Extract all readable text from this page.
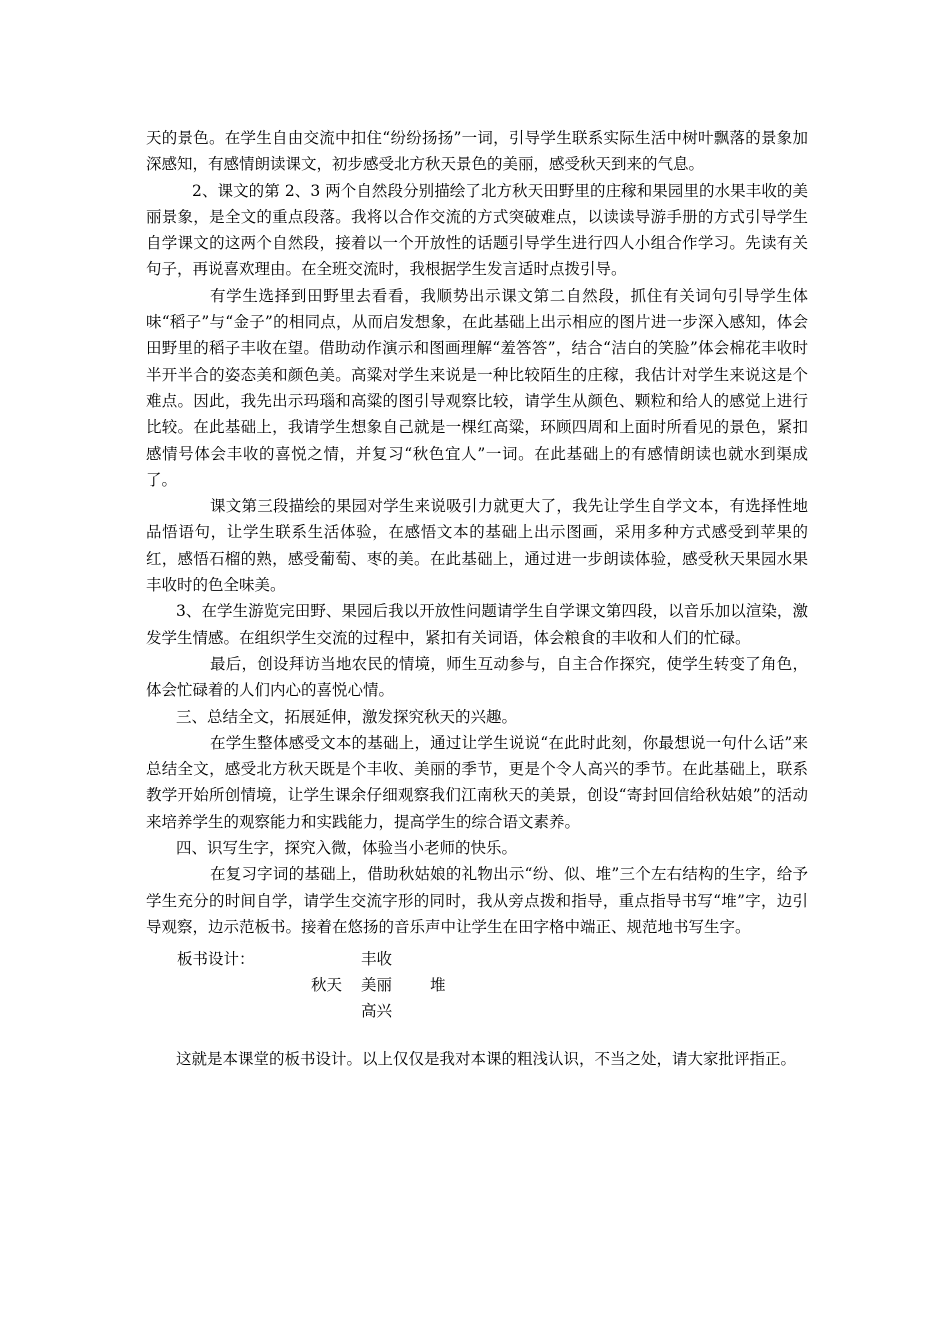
天的景色。在学生自由交流中扣住“纷纷扬扬”一词，引导学生联系实际生活中树叶飘落的景象加深感知，有感情朗读课文，初步感受北方秋天景色的美丽，感受秋天到来的气息。

2、课文的第 2、3 两个自然段分别描绘了北方秋天田野里的庄稼和果园里的水果丰收的美丽景象，是全文的重点段落。我将以合作交流的方式突破难点，以读读导游手册的方式引导学生自学课文的这两个自然段，接着以一个开放性的话题引导学生进行四人小组合作学习。先读有关句子，再说喜欢理由。在全班交流时，我根据学生发言适时点拨引导。

有学生选择到田野里去看看，我顺势出示课文第二自然段，抓住有关词句引导学生体味“稻子”与“金子”的相同点，从而启发想象，在此基础上出示相应的图片进一步深入感知，体会田野里的稻子丰收在望。借助动作演示和图画理解“羞答答”，结合“洁白的笑脸”体会棉花丰收时半开半合的姿态美和颜色美。高粱对学生来说是一种比较陌生的庄稼，我估计对学生来说这是个难点。因此，我先出示玛瑙和高粱的图引导观察比较，请学生从颜色、颗粒和给人的感觉上进行比较。在此基础上，我请学生想象自己就是一棵红高粱，环顾四周和上面时所看见的景色，紧扣感情号体会丰收的喜悦之情，并复习“秋色宜人”一词。在此基础上的有感情朗读也就水到渠成了。

课文第三段描绘的果园对学生来说吸引力就更大了，我先让学生自学文本，有选择性地品悟语句，让学生联系生活体验，在感悟文本的基础上出示图画，采用多种方式感受到苹果的红，感悟石榴的熟，感受葡萄、枣的美。在此基础上，通过进一步朗读体验，感受秋天果园水果丰收时的色全味美。

3、在学生游览完田野、果园后我以开放性问题请学生自学课文第四段，以音乐加以渲染，激发学生情感。在组织学生交流的过程中，紧扣有关词语，体会粮食的丰收和人们的忙碌。

最后，创设拜访当地农民的情境，师生互动参与，自主合作探究，使学生转变了角色，体会忙碌着的人们内心的喜悦心情。

三、总结全文，拓展延伸，激发探究秋天的兴趣。

在学生整体感受文本的基础上，通过让学生说说“在此时此刻，你最想说一句什么话”来总结全文，感受北方秋天既是个丰收、美丽的季节，更是个令人高兴的季节。在此基础上，联系教学开始所创情境，让学生课余仔细观察我们江南秋天的美景，创设“寄封回信给秋姑娘”的活动来培养学生的观察能力和实践能力，提高学生的综合语文素养。

四、识写生字，探究入微，体验当小老师的快乐。

在复习字词的基础上，借助秋姑娘的礼物出示“纷、似、堆”三个左右结构的生字，给予学生充分的时间自学，请学生交流字形的同时，我从旁点拨和指导，重点指导书写“堆”字，边引导观察，边示范板书。接着在悠扬的音乐声中让学生在田字格中端正、规范地书写生字。

板书设计：	丰收
秋天 美丽 堆
高兴

这就是本课堂的板书设计。以上仅仅是我对本课的粗浅认识，不当之处，请大家批评指正。
